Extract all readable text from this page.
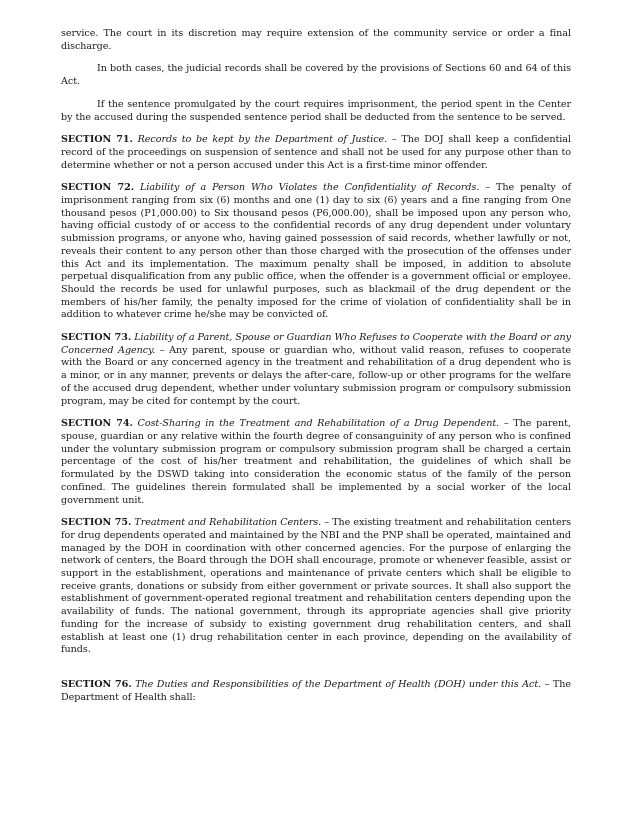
service. The court in its discretion may require extension of the community service or order a final discharge.

In both cases, the judicial records shall be covered by the provisions of Sections 60 and 64 of this Act.

If the sentence promulgated by the court requires imprisonment, the period spent in the Center by the accused during the suspended sentence period shall be deducted from the sentence to be served.

SECTION 71. Records to be kept by the Department of Justice. – The DOJ shall keep a confidential record of the proceedings on suspension of sentence and shall not be used for any purpose other than to determine whether or not a person accused under this Act is a first-time minor offender.

SECTION 72. Liability of a Person Who Violates the Confidentiality of Records. – The penalty of imprisonment ranging from six (6) months and one (1) day to six (6) years and a fine ranging from One thousand pesos (P1,000.00) to Six thousand pesos (P6,000.00), shall be imposed upon any person who, having official custody of or access to the confidential records of any drug dependent under voluntary submission programs, or anyone who, having gained possession of said records, whether lawfully or not, reveals their content to any person other than those charged with the prosecution of the offenses under this Act and its implementation. The maximum penalty shall be imposed, in addition to absolute perpetual disqualification from any public office, when the offender is a government official or employee. Should the records be used for unlawful purposes, such as blackmail of the drug dependent or the members of his/her family, the penalty imposed for the crime of violation of confidentiality shall be in addition to whatever crime he/she may be convicted of.

SECTION 73. Liability of a Parent, Spouse or Guardian Who Refuses to Cooperate with the Board or any Concerned Agency. – Any parent, spouse or guardian who, without valid reason, refuses to cooperate with the Board or any concerned agency in the treatment and rehabilitation of a drug dependent who is a minor, or in any manner, prevents or delays the after-care, follow-up or other programs for the welfare of the accused drug dependent, whether under voluntary submission program or compulsory submission program, may be cited for contempt by the court.

SECTION 74. Cost-Sharing in the Treatment and Rehabilitation of a Drug Dependent. – The parent, spouse, guardian or any relative within the fourth degree of consanguinity of any person who is confined under the voluntary submission program or compulsory submission program shall be charged a certain percentage of the cost of his/her treatment and rehabilitation, the guidelines of which shall be formulated by the DSWD taking into consideration the economic status of the family of the person confined. The guidelines therein formulated shall be implemented by a social worker of the local government unit.

SECTION 75. Treatment and Rehabilitation Centers. – The existing treatment and rehabilitation centers for drug dependents operated and maintained by the NBI and the PNP shall be operated, maintained and managed by the DOH in coordination with other concerned agencies. For the purpose of enlarging the network of centers, the Board through the DOH shall encourage, promote or whenever feasible, assist or support in the establishment, operations and maintenance of private centers which shall be eligible to receive grants, donations or subsidy from either government or private sources. It shall also support the establishment of government-operated regional treatment and rehabilitation centers depending upon the availability of funds. The national government, through its appropriate agencies shall give priority funding for the increase of subsidy to existing government drug rehabilitation centers, and shall establish at least one (1) drug rehabilitation center in each province, depending on the availability of funds.

SECTION 76. The Duties and Responsibilities of the Department of Health (DOH) under this Act. – The Department of Health shall:
